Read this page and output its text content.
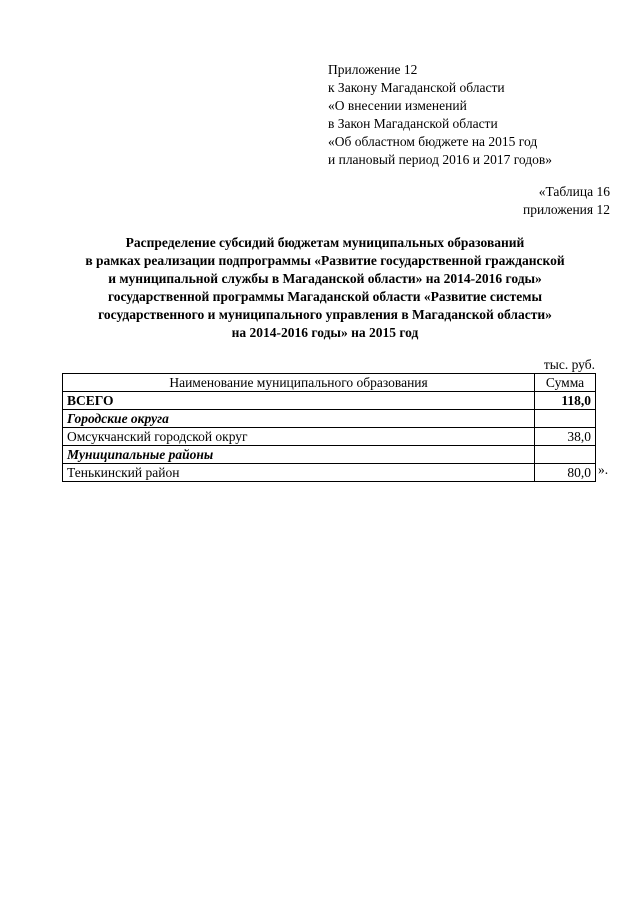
Приложение 12
к Закону Магаданской области
«О внесении изменений
в Закон Магаданской области
«Об областном бюджете на 2015 год
и плановый период 2016 и 2017 годов»
«Таблица 16
приложения 12
Распределение субсидий бюджетам муниципальных образований
в рамках реализации подпрограммы «Развитие государственной гражданской
и муниципальной службы в Магаданской области» на 2014-2016 годы»
государственной программы Магаданской области «Развитие системы
государственного и муниципального управления в Магаданской области»
на 2014-2016 годы» на 2015 год
тыс. руб.
Наименование муниципального образования	Сумма
ВСЕГО	118,0
Городские округа	
Омсукчанский городской округ	38,0
Муниципальные районы	
Тенькинский район	80,0 ».
